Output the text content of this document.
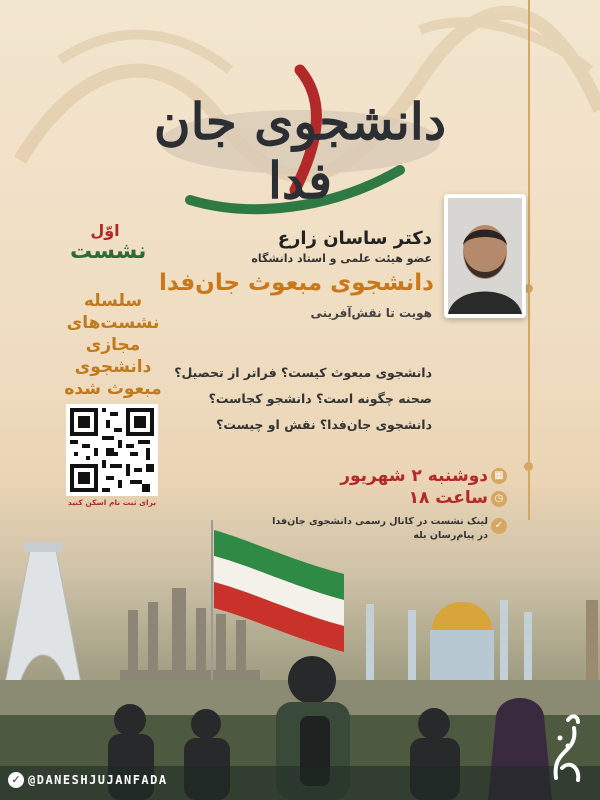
دانشجوی جان فدا
دکتر ساسان زارع
عضو هیئت علمی و استاد دانشگاه
دانشجوی مبعوث جان‌فدا
هویت تا نقش‌آفرینی
دانشجوی مبعوث کیست؟ فراتر از تحصیل؟
صحنه چگونه است؟ دانشجو کجاست؟
دانشجوی جان‌فدا؟ نقش او چیست؟
اوّل
نشست
سلسله
نشست‌های
مجازی
دانشجوی
مبعوث شده
برای ثبت نام اسکن کنید
▦
دوشنبه ۲ شهریور
◷
ساعت ۱۸
✓
لینک نشست در کانال رسمی دانشجوی جان‌فدا
در پیام‌رسان بله
✓ @DANESHJUJANFADA
